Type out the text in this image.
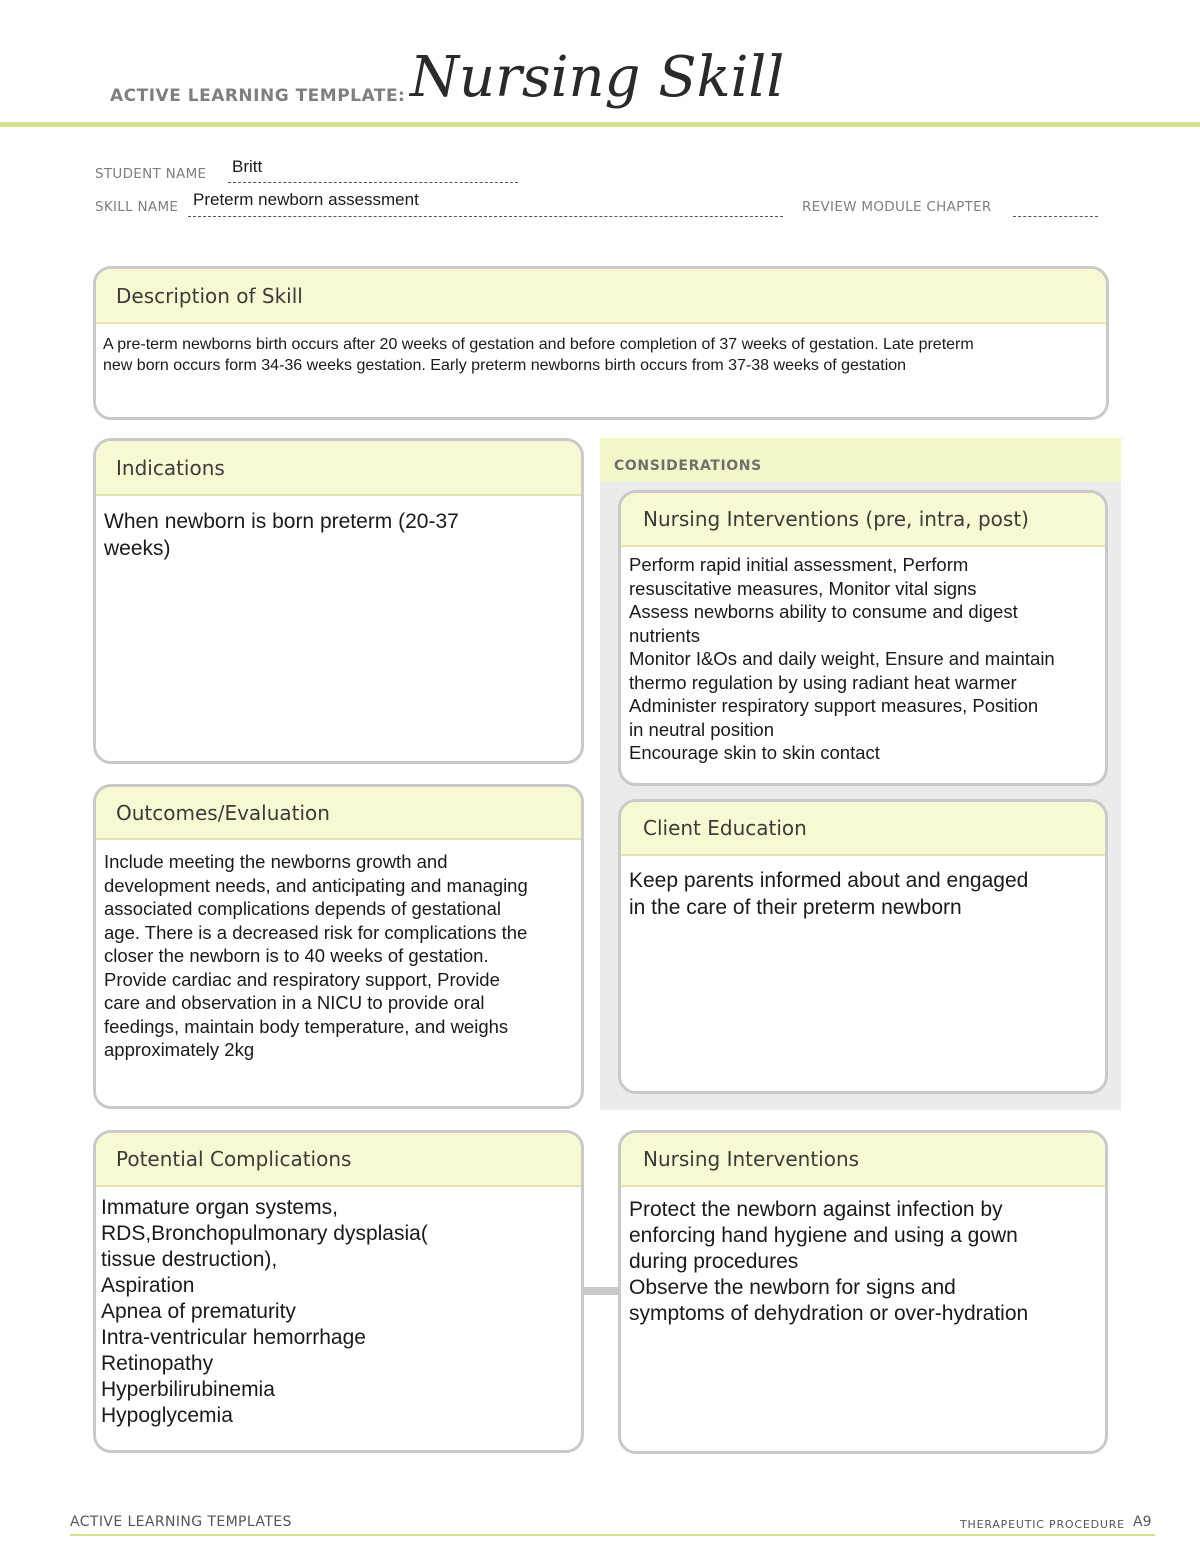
ACTIVE LEARNING TEMPLATE: Nursing Skill
STUDENT NAME Britt
SKILL NAME Preterm newborn assessment	REVIEW MODULE CHAPTER
Description of Skill
A pre-term newborns birth occurs after 20 weeks of gestation and before completion of 37 weeks of gestation. Late preterm
new born occurs form 34-36 weeks gestation. Early preterm newborns birth occurs from 37-38 weeks of gestation
CONSIDERATIONS
Indications
When newborn is born preterm (20-37
weeks)
Nursing Interventions (pre, intra, post)
Perform rapid initial assessment, Perform
resuscitative measures, Monitor vital signs
Assess newborns ability to consume and digest
nutrients
Monitor I&Os and daily weight, Ensure and maintain
thermo regulation by using radiant heat warmer
Administer respiratory support measures, Position
in neutral position
Encourage skin to skin contact
Outcomes/Evaluation
Include meeting the newborns growth and
development needs, and anticipating and managing
associated complications depends of gestational
age. There is a decreased risk for complications the
closer the newborn is to 40 weeks of gestation.
Provide cardiac and respiratory support, Provide
care and observation in a NICU to provide oral
feedings, maintain body temperature, and weighs
approximately 2kg
Client Education
Keep parents informed about and engaged
in the care of their preterm newborn
Potential Complications
Immature organ systems,
RDS,Bronchopulmonary dysplasia(
tissue destruction),
Aspiration
Apnea of prematurity
Intra-ventricular hemorrhage
Retinopathy
Hyperbilirubinemia
Hypoglycemia
Nursing Interventions
Protect the newborn against infection by
enforcing hand hygiene and using a gown
during procedures
Observe the newborn for signs and
symptoms of dehydration or over-hydration
ACTIVE LEARNING TEMPLATES	THERAPEUTIC PROCEDURE A9
